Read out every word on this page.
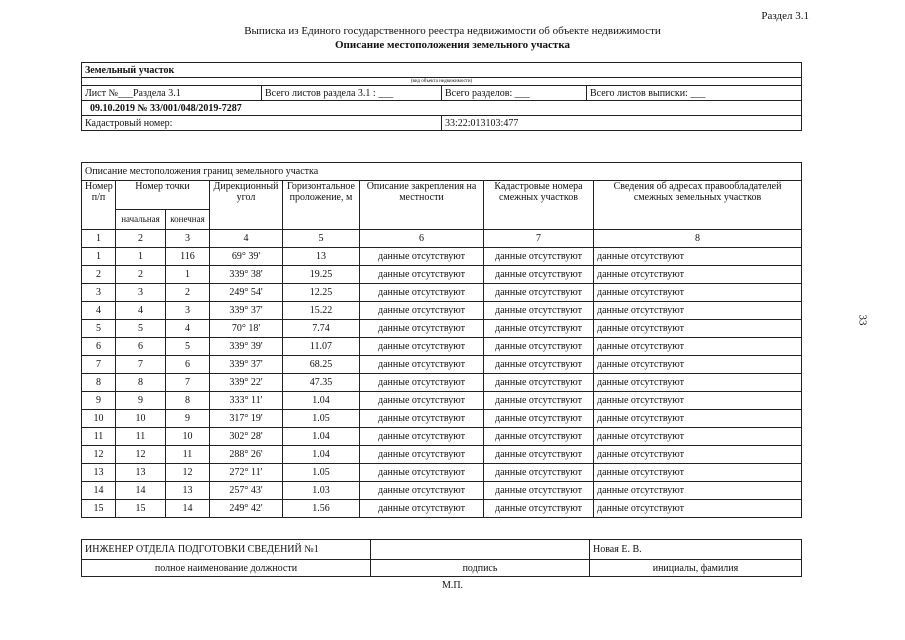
Раздел 3.1
Выписка из Единого государственного реестра недвижимости об объекте недвижимости
Описание местоположения земельного участка
33
Земельный участок			
(вид объекта недвижимости)			
Лист №___Раздела 3.1	Всего листов раздела 3.1 : ___	Всего разделов: ___	Всего листов выписки: ___
09.10.2019 № 33/001/048/2019-7287			
Кадастровый номер:		33:22:013103:477	
Описание местоположения границ земельного участка							
Номер п/п	Номер точки		Дирекционный угол	Горизонтальное проложение, м	Описание закрепления на местности	Кадастровые номера смежных участков	Сведения об адресах правообладателей смежных земельных участков
	начальная	конечная					
1	2	3	4	5	6	7	8
1	1	116	69° 39'	13	данные отсутствуют	данные отсутствуют	данные отсутствуют
2	2	1	339° 38'	19.25	данные отсутствуют	данные отсутствуют	данные отсутствуют
3	3	2	249° 54'	12.25	данные отсутствуют	данные отсутствуют	данные отсутствуют
4	4	3	339° 37'	15.22	данные отсутствуют	данные отсутствуют	данные отсутствуют
5	5	4	70° 18'	7.74	данные отсутствуют	данные отсутствуют	данные отсутствуют
6	6	5	339° 39'	11.07	данные отсутствуют	данные отсутствуют	данные отсутствуют
7	7	6	339° 37'	68.25	данные отсутствуют	данные отсутствуют	данные отсутствуют
8	8	7	339° 22'	47.35	данные отсутствуют	данные отсутствуют	данные отсутствуют
9	9	8	333° 11'	1.04	данные отсутствуют	данные отсутствуют	данные отсутствуют
10	10	9	317° 19'	1.05	данные отсутствуют	данные отсутствуют	данные отсутствуют
11	11	10	302° 28'	1.04	данные отсутствуют	данные отсутствуют	данные отсутствуют
12	12	11	288° 26'	1.04	данные отсутствуют	данные отсутствуют	данные отсутствуют
13	13	12	272° 11'	1.05	данные отсутствуют	данные отсутствуют	данные отсутствуют
14	14	13	257° 43'	1.03	данные отсутствуют	данные отсутствуют	данные отсутствуют
15	15	14	249° 42'	1.56	данные отсутствуют	данные отсутствуют	данные отсутствуют
ИНЖЕНЕР ОТДЕЛА ПОДГОТОВКИ СВЕДЕНИЙ №1		Новая Е. В.
полное наименование должности	подпись	инициалы, фамилия
М.П.
